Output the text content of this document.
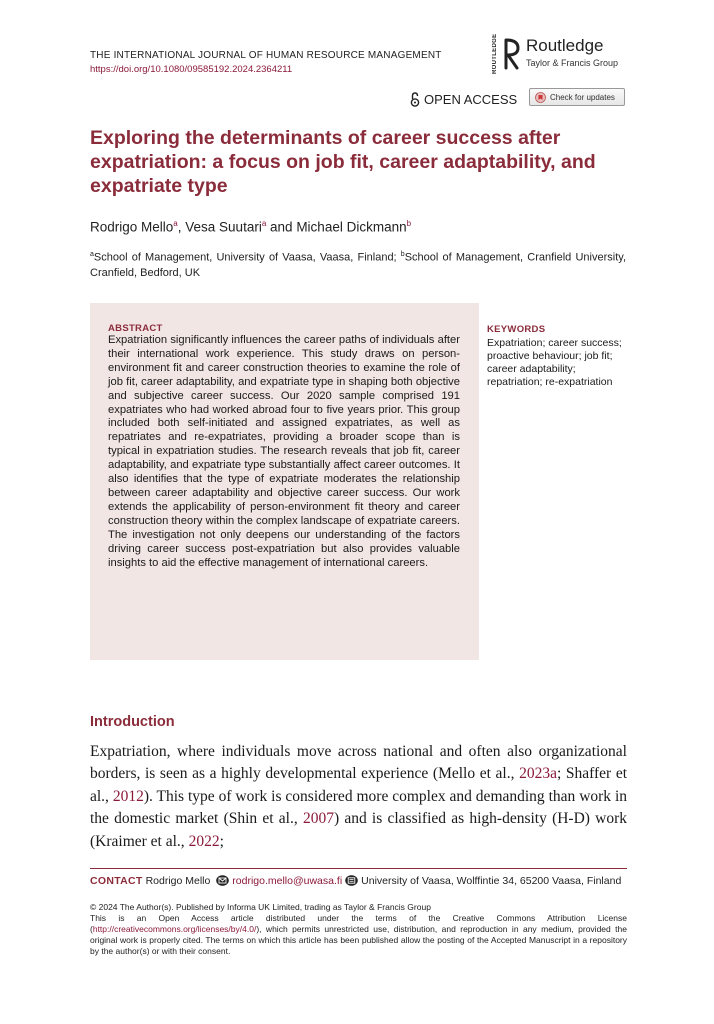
THE INTERNATIONAL JOURNAL OF HUMAN RESOURCE MANAGEMENT
https://doi.org/10.1080/09585192.2024.2364211	ROUTLEDGE Routledge
Taylor & Francis Group
OPEN ACCESS	Check for updates
Exploring the determinants of career success after expatriation: a focus on job fit, career adaptability, and expatriate type
Rodrigo Mello$^a$, Vesa Suutari$^a$ and Michael Dickmann$^b$
$^a$School of Management, University of Vaasa, Vaasa, Finland; $^b$School of Management, Cranfield University, Cranfield, Bedford, UK
ABSTRACT

Expatriation significantly influences the career paths of individuals after their international work experience. This study draws on person-environment fit and career construction theories to examine the role of job fit, career adaptability, and expatriate type in shaping both objective and subjective career success. Our 2020 sample comprised 191 expatriates who had worked abroad four to five years prior. This group included both self-initiated and assigned expatriates, as well as repatriates and re-expatriates, providing a broader scope than is typical in expatriation studies. The research reveals that job fit, career adaptability, and expatriate type substantially affect career outcomes. It also identifies that the type of expatriate moderates the relationship between career adaptability and objective career success. Our work extends the applicability of person-environment fit theory and career construction theory within the complex landscape of expatriate careers. The investigation not only deepens our understanding of the factors driving career success post-expatriation but also provides valuable insights to aid the effective management of international careers.

KEYWORDS

Expatriation; career success; proactive behaviour; job fit; career adaptability; repatriation; re-expatriation

Introduction

Expatriation, where individuals move across national and often also organizational borders, is seen as a highly developmental experience (Mello et al., 2023a; Shaffer et al., 2012). This type of work is considered more complex and demanding than work in the domestic market (Shin et al., 2007) and is classified as high-density (H-D) work (Kraimer et al., 2022;

CONTACT Rodrigo Mello rodrigo.mello@uwasa.fi University of Vaasa, Wolffintie 34, 65200 Vaasa, Finland
© 2024 The Author(s). Published by Informa UK Limited, trading as Taylor & Francis Group

This is an Open Access article distributed under the terms of the Creative Commons Attribution License (http://creativecommons.org/licenses/by/4.0/), which permits unrestricted use, distribution, and reproduction in any medium, provided the original work is properly cited. The terms on which this article has been published allow the posting of the Accepted Manuscript in a repository by the author(s) or with their consent.
